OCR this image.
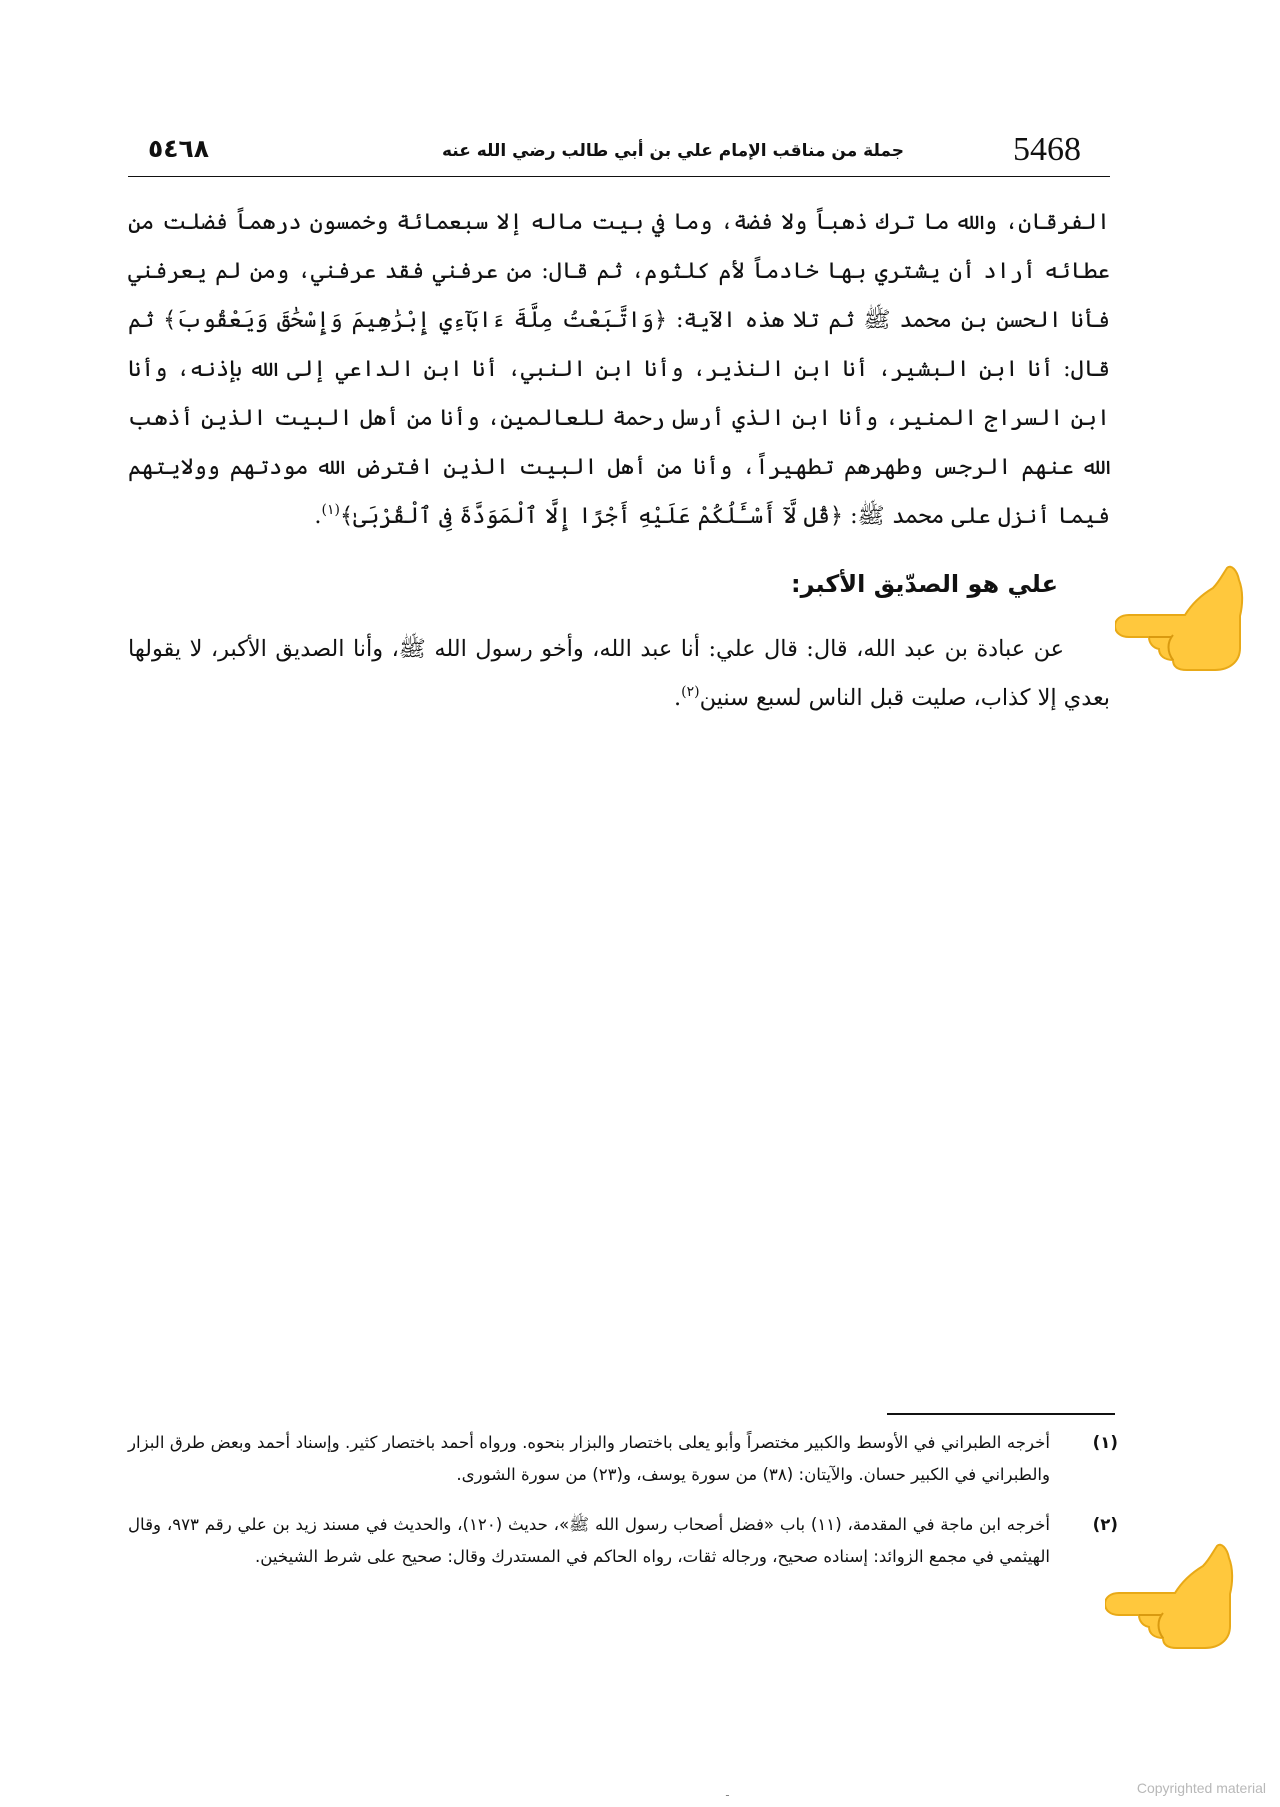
5468
جملة من مناقب الإمام علي بن أبي طالب رضي الله عنه
٥٤٦٨

الفرقان، والله ما ترك ذهباً ولا فضة، وما في بيت ماله إلا سبعمائة وخمسون درهماً فضلت من عطائه أراد أن يشتري بها خادماً لأم كلثوم، ثم قال: من عرفني فقد عرفني، ومن لم يعرفني فأنا الحسن بن محمد ﷺ ثم تلا هذه الآية: ﴿وَاتَّبَعْتُ مِلَّةَ ءَابَآءِي إِبْرَٰهِيمَ وَإِسْحَٰقَ وَيَعْقُوبَ﴾ ثم قال: أنا ابن البشير، أنا ابن النذير، وأنا ابن النبي، أنا ابن الداعي إلى الله بإذنه، وأنا ابن السراج المنير، وأنا ابن الذي أرسل رحمة للعالمين، وأنا من أهل البيت الذين أذهب الله عنهم الرجس وطهرهم تطهيراً، وأنا من أهل البيت الذين افترض الله مودتهم وولايتهم فيما أنزل على محمد ﷺ: ﴿قُل لَّآ أَسْـَٔلُكُمْ عَلَيْهِ أَجْرًا إِلَّا ٱلْمَوَدَّةَ فِى ٱلْقُرْبَىٰ﴾$^{(١)}$.

علي هو الصدّيق الأكبر:

عن عبادة بن عبد الله، قال: قال علي: أنا عبد الله، وأخو رسول الله ﷺ، وأنا الصديق الأكبر، لا يقولها بعدي إلا كذاب، صليت قبل الناس لسبع سنين$^{(٢)}$.

(١)
أخرجه الطبراني في الأوسط والكبير مختصراً وأبو يعلى باختصار والبزار بنحوه. ورواه أحمد باختصار كثير. وإسناد أحمد وبعض طرق البزار والطبراني في الكبير حسان. والآيتان: (٣٨) من سورة يوسف، و(٢٣) من سورة الشورى.

(٢)
أخرجه ابن ماجة في المقدمة، (١١) باب «فضل أصحاب رسول الله ﷺ»، حديث (١٢٠)، والحديث في مسند زيد بن علي رقم ٩٧٣، وقال الهيثمي في مجمع الزوائد: إسناده صحيح، ورجاله ثقات، رواه الحاكم في المستدرك وقال: صحيح على شرط الشيخين.

ـ	Copyrighted material
